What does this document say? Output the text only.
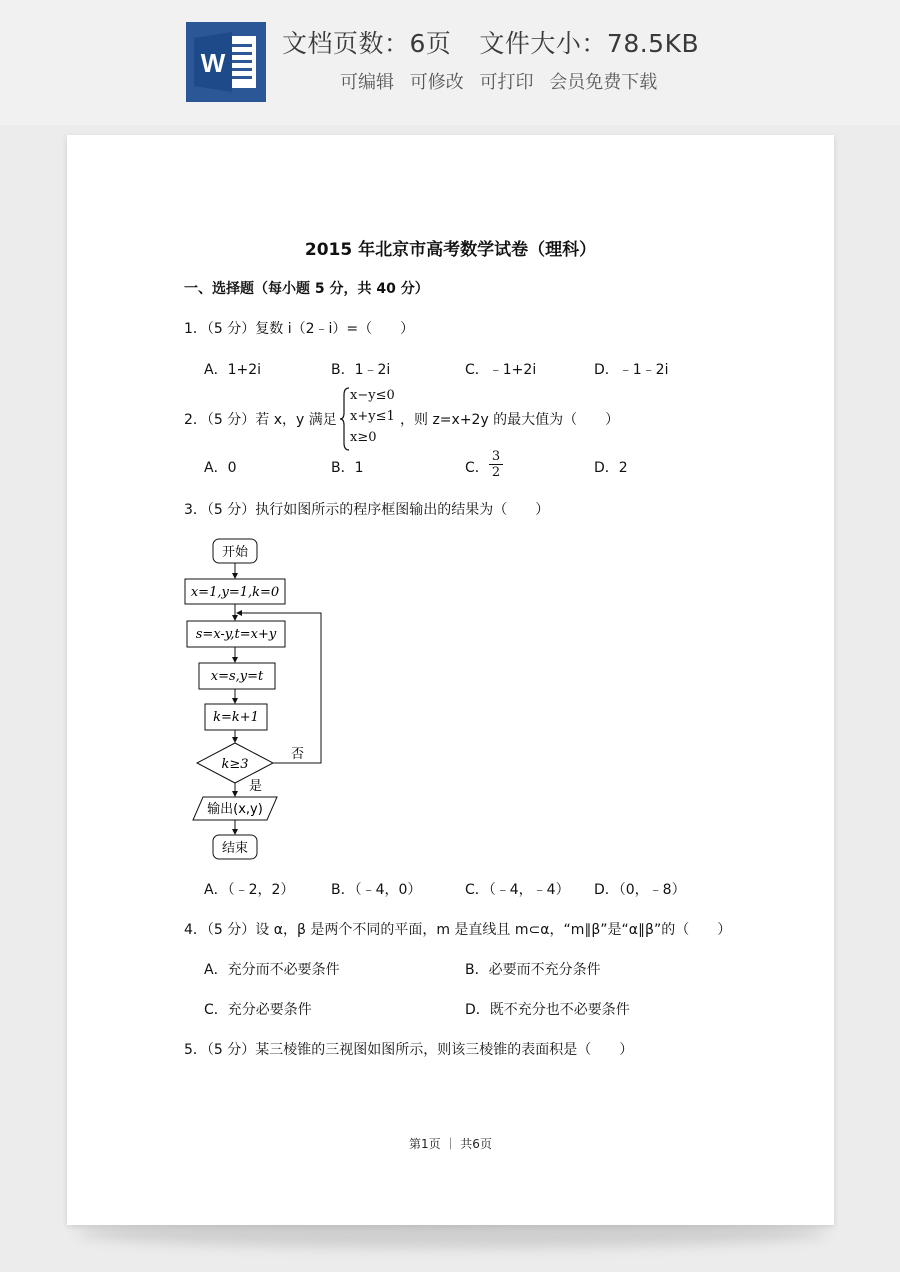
W
文档页数：6页 文件大小：78.5KB
可编辑 可修改 可打印 会员免费下载
2015 年北京市高考数学试卷（理科）
一、选择题（每小题 5 分，共 40 分）
1．（5 分）复数 i（2﹣i）=（　　）
A．1+2i	B．1﹣2i	C．﹣1+2i	D．﹣1﹣2i
2．（5 分）若 x，y 满足
x−y≤0
x+y≤1
x≥0
，则 z=x+2y 的最大值为（　　）
A．0	B．1	C． $\frac{3}{2}$	D．2
3．（5 分）执行如图所示的程序框图输出的结果为（　　）
开始
x=1,y=1,k=0
s=x-y,t=x+y
x=s,y=t
k=k+1
k≥3
否
是
输出(x,y)
结束
A．（﹣2，2）	B．（﹣4，0）	C．（﹣4，﹣4） D．（0，﹣8）
4．（5 分）设 α，β 是两个不同的平面，m 是直线且 m⊂α，“m∥β”是“α∥β”的（　　）
A．充分而不必要条件	B．必要而不充分条件
C．充分必要条件	D．既不充分也不必要条件
5．（5 分）某三棱锥的三视图如图所示，则该三棱锥的表面积是（　　）
第1页 ｜ 共6页
